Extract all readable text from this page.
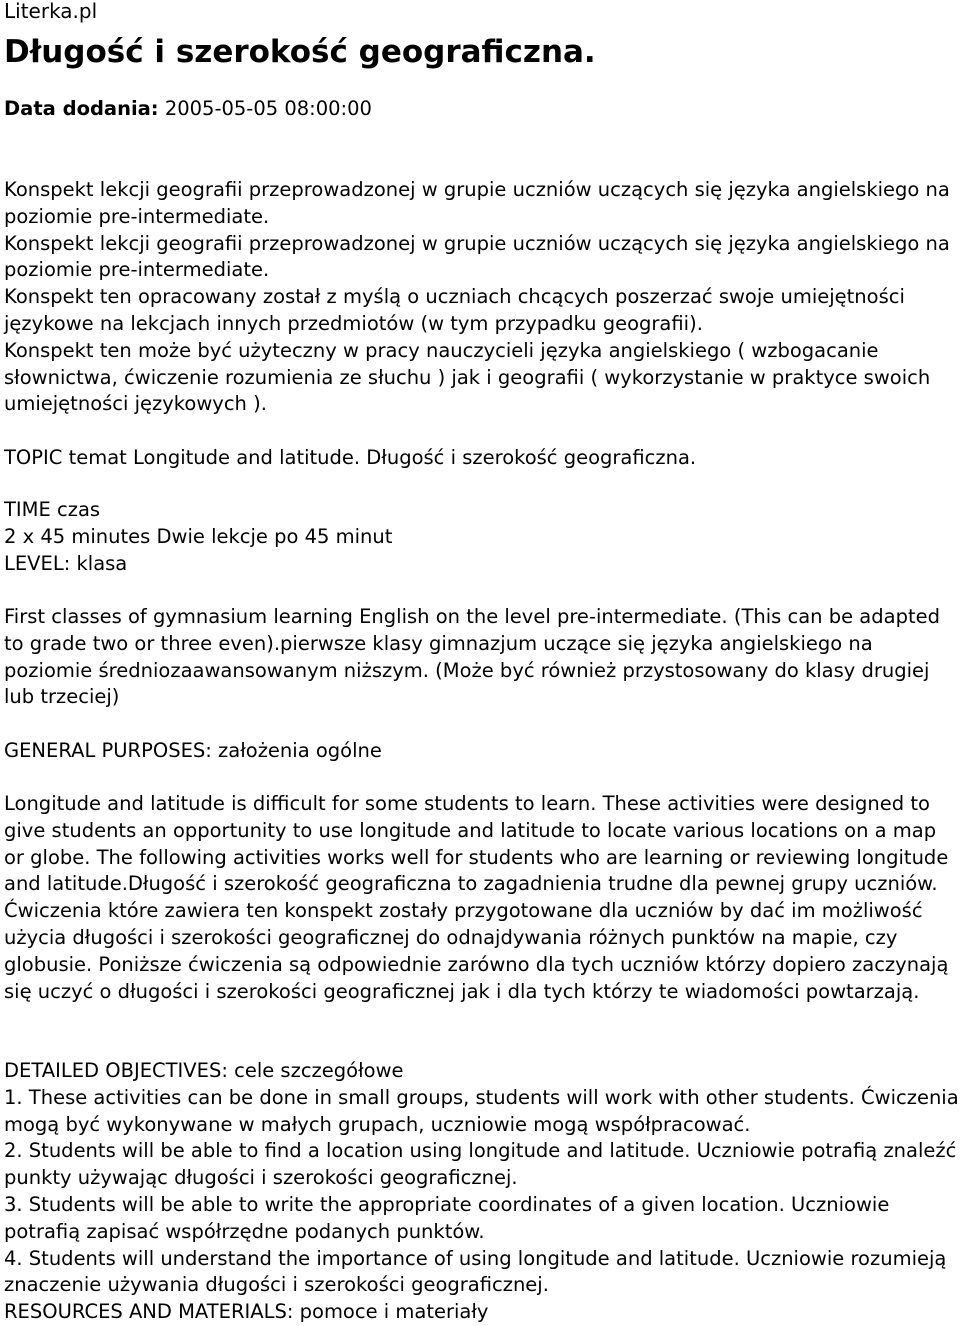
Literka.pl
Długość i szerokość geograficzna.
Data dodania: 2005-05-05 08:00:00

Konspekt lekcji geografii przeprowadzonej w grupie uczniów uczących się języka angielskiego na poziomie pre-intermediate.

Konspekt lekcji geografii przeprowadzonej w grupie uczniów uczących się języka angielskiego na poziomie pre-intermediate.

Konspekt ten opracowany został z myślą o uczniach chcących poszerzać swoje umiejętności językowe na lekcjach innych przedmiotów (w tym przypadku geografii).

Konspekt ten może być użyteczny w pracy nauczycieli języka angielskiego ( wzbogacanie słownictwa, ćwiczenie rozumienia ze słuchu ) jak i geografii ( wykorzystanie w praktyce swoich umiejętności językowych ).

TOPIC temat Longitude and latitude. Długość i szerokość geograficzna.

TIME czas

2 x 45 minutes Dwie lekcje po 45 minut

LEVEL: klasa

First classes of gymnasium learning English on the level pre-intermediate. (This can be adapted to grade two or three even).pierwsze klasy gimnazjum uczące się języka angielskiego na poziomie średniozaawansowanym niższym. (Może być również przystosowany do klasy drugiej lub trzeciej)
GENERAL PURPOSES: założenia ogólne
Longitude and latitude is difficult for some students to learn. These activities were designed to give students an opportunity to use longitude and latitude to locate various locations on a map or globe. The following activities works well for students who are learning or reviewing longitude and latitude.Długość i szerokość geograficzna to zagadnienia trudne dla pewnej grupy uczniów. Ćwiczenia które zawiera ten konspekt zostały przygotowane dla uczniów by dać im możliwość użycia długości i szerokości geograficznej do odnajdywania różnych punktów na mapie, czy globusie. Poniższe ćwiczenia są odpowiednie zarówno dla tych uczniów którzy dopiero zaczynają się uczyć o długości i szerokości geograficznej jak i dla tych którzy te wiadomości powtarzają.

DETAILED OBJECTIVES: cele szczegółowe

1. These activities can be done in small groups, students will work with other students. Ćwiczenia mogą być wykonywane w małych grupach, uczniowie mogą współpracować.

2. Students will be able to find a location using longitude and latitude. Uczniowie potrafią znaleźć punkty używając długości i szerokości geograficznej.

3. Students will be able to write the appropriate coordinates of a given location. Uczniowie potrafią zapisać współrzędne podanych punktów.

4. Students will understand the importance of using longitude and latitude. Uczniowie rozumieją znaczenie używania długości i szerokości geograficznej.

RESOURCES AND MATERIALS: pomoce i materiały
